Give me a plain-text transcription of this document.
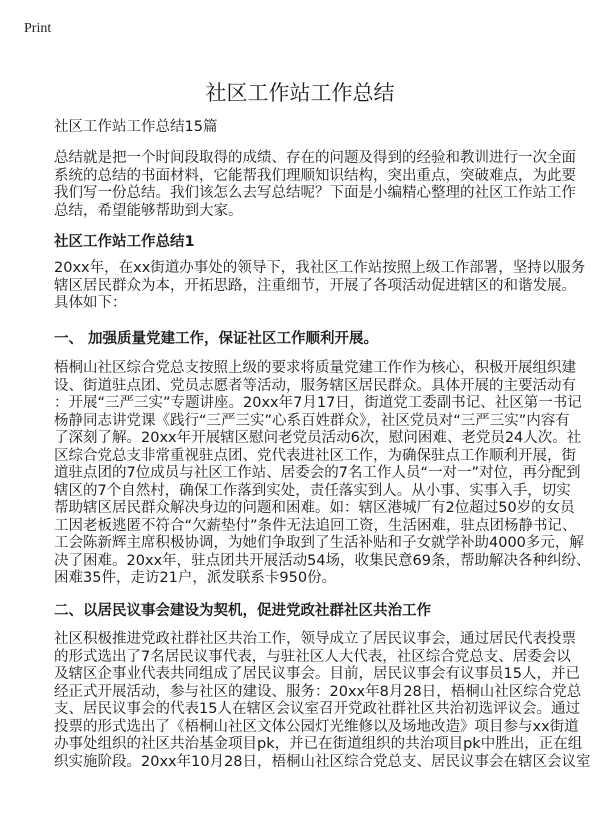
Print
社区工作站工作总结
社区工作站工作总结15篇
总结就是把一个时间段取得的成绩、存在的问题及得到的经验和教训进行一次全面
系统的总结的书面材料，它能帮我们理顺知识结构，突出重点，突破难点，为此要
我们写一份总结。我们该怎么去写总结呢？下面是小编精心整理的社区工作站工作
总结，希望能够帮助到大家。
社区工作站工作总结1
20xx年，在xx街道办事处的领导下，我社区工作站按照上级工作部署，坚持以服务
辖区居民群众为本，开拓思路，注重细节，开展了各项活动促进辖区的和谐发展。
具体如下：
一、 加强质量党建工作，保证社区工作顺利开展。
梧桐山社区综合党总支按照上级的要求将质量党建工作作为核心，积极开展组织建
设、街道驻点团、党员志愿者等活动，服务辖区居民群众。具体开展的主要活动有
：开展“三严三实”专题讲座。20xx年7月17日，街道党工委副书记、社区第一书记
杨静同志讲党课《践行“三严三实”心系百姓群众》，社区党员对“三严三实”内容有
了深刻了解。20xx年开展辖区慰问老党员活动6次，慰问困难、老党员24人次。社
区综合党总支非常重视驻点团、党代表进社区工作，为确保驻点工作顺利开展，街
道驻点团的7位成员与社区工作站、居委会的7名工作人员“一对一”对位，再分配到
辖区的7个自然村，确保工作落到实处，责任落实到人。从小事、实事入手，切实
帮助辖区居民群众解决身边的问题和困难。如：辖区港城厂有2位超过50岁的女员
工因老板逃匿不符合“欠薪垫付”条件无法追回工资，生活困难，驻点团杨静书记、
工会陈新辉主席积极协调，为她们争取到了生活补贴和子女就学补助4000多元，解
决了困难。20xx年，驻点团共开展活动54场，收集民意69条，帮助解决各种纠纷、
困难35件，走访21户，派发联系卡950份。
二、以居民议事会建设为契机，促进党政社群社区共治工作
社区积极推进党政社群社区共治工作，领导成立了居民议事会，通过居民代表投票
的形式选出了7名居民议事代表，与驻社区人大代表，社区综合党总支、居委会以
及辖区企事业代表共同组成了居民议事会。目前，居民议事会有议事员15人，并已
经正式开展活动，参与社区的建设、服务：20xx年8月28日，梧桐山社区综合党总
支、居民议事会的代表15人在辖区会议室召开党政社群社区共治初选评议会。通过
投票的形式选出了《梧桐山社区文体公园灯光维修以及场地改造》项目参与xx街道
办事处组织的社区共治基金项目pk，并已在街道组织的共治项目pk中胜出，正在组
织实施阶段。20xx年10月28日，梧桐山社区综合党总支、居民议事会在辖区会议室
